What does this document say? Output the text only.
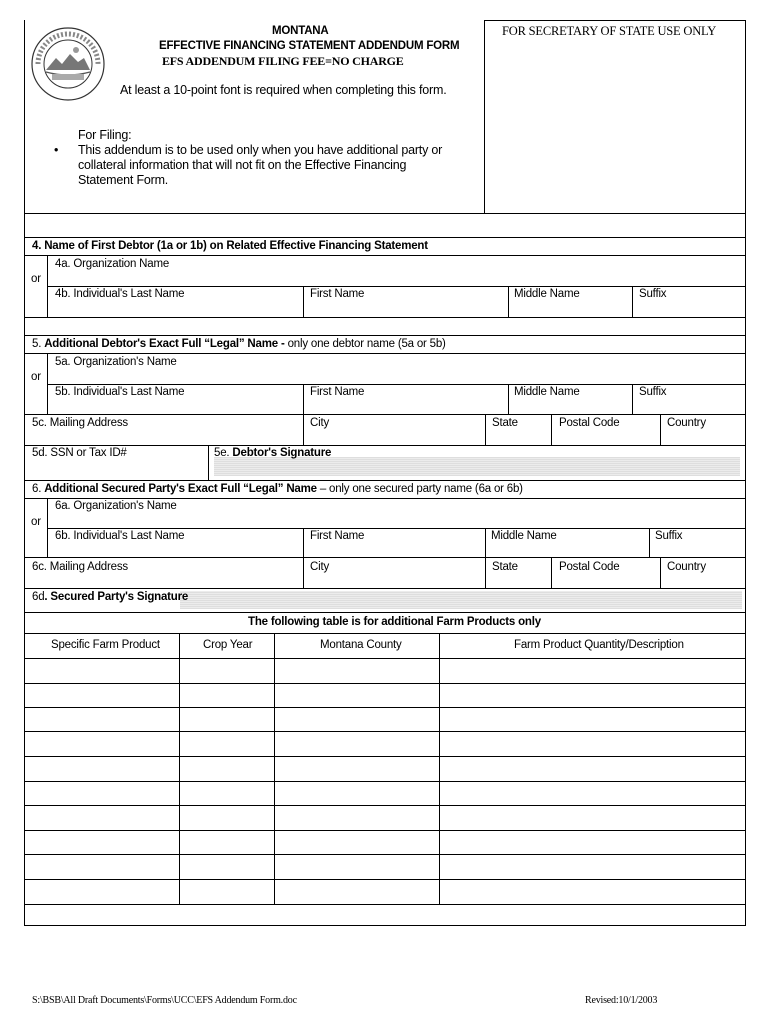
MONTANA
EFFECTIVE FINANCING STATEMENT ADDENDUM FORM
EFS ADDENDUM FILING FEE=NO CHARGE
At least a 10-point font is required when completing this form.
For Filing:
• This addendum is to be used only when you have additional party or
collateral information that will not fit on the Effective Financing
Statement Form.
FOR SECRETARY OF STATE USE ONLY
4. Name of First Debtor (1a or 1b) on Related Effective Financing Statement
4a. Organization Name
or
4b. Individual's Last Name	First Name	Middle Name	Suffix
5. Additional Debtor's Exact Full “Legal” Name - only one debtor name (5a or 5b)
5a. Organization's Name
or
5b. Individual's Last Name	First Name	Middle Name	Suffix
5c. Mailing Address	City	State	Postal Code	Country
5d. SSN or Tax ID#	5e. Debtor's Signature
6. Additional Secured Party's Exact Full “Legal” Name – only one secured party name (6a or 6b)
6a. Organization's Name
or
6b. Individual's Last Name	First Name	Middle Name	Suffix
6c. Mailing Address	City	State	Postal Code	Country
6d. Secured Party's Signature
The following table is for additional Farm Products only
Specific Farm Product	Crop Year	Montana County	Farm Product Quantity/Description
S:\BSB\All Draft Documents\Forms\UCC\EFS Addendum Form.doc	Revised:10/1/2003
